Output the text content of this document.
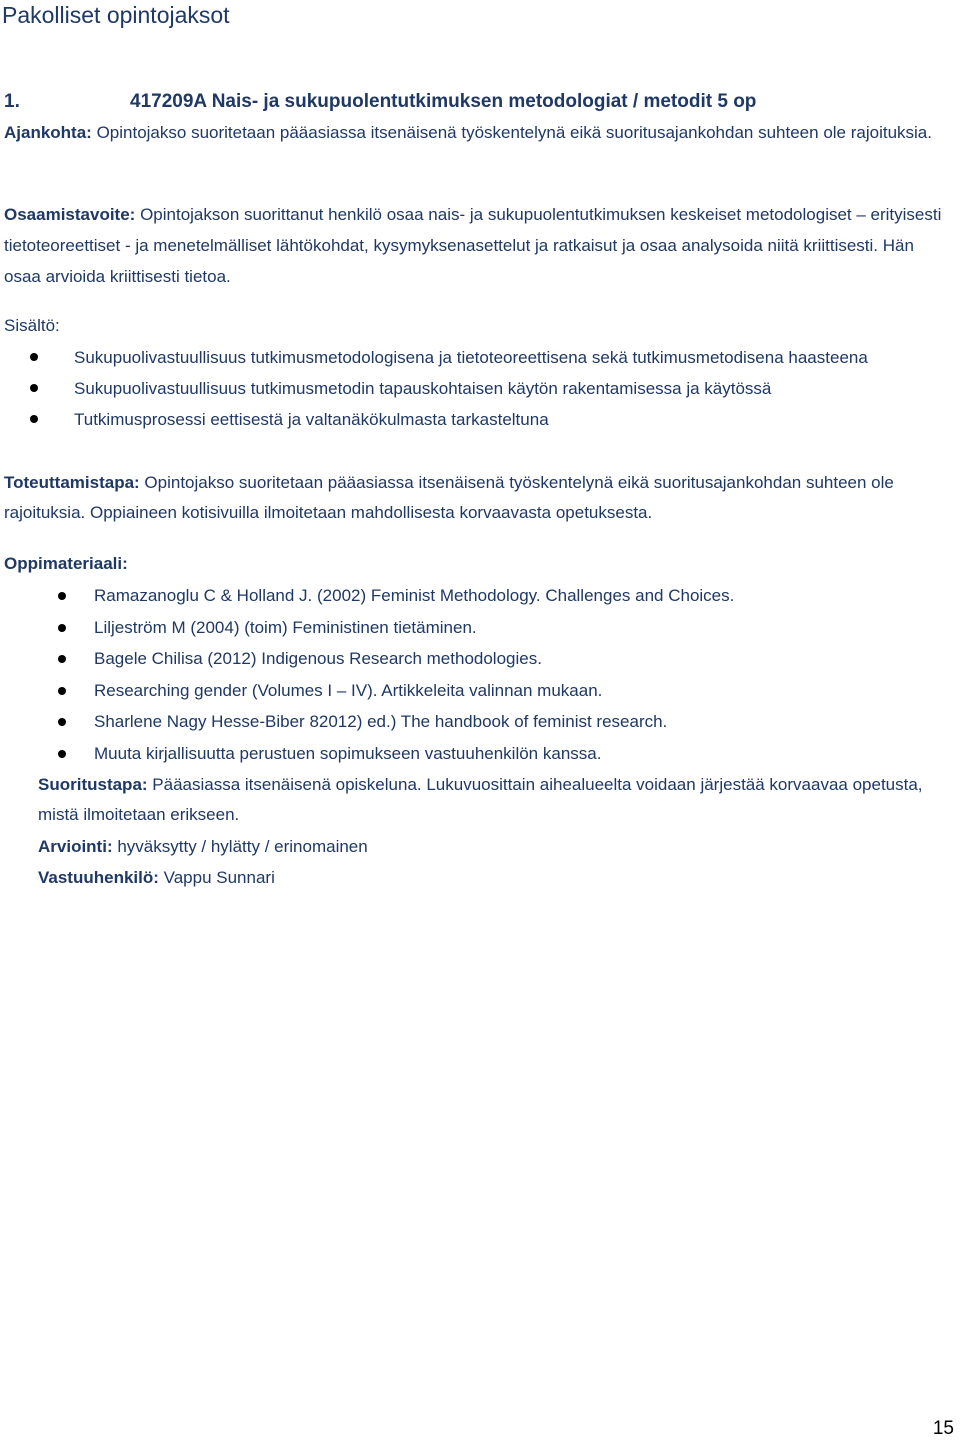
Pakolliset opintojaksot
1.	417209A Nais- ja sukupuolentutkimuksen metodologiat / metodit 5 op
Ajankohta: Opintojakso suoritetaan pääasiassa itsenäisenä työskentelynä eikä suoritusajankohdan suhteen ole rajoituksia.
Osaamistavoite: Opintojakson suorittanut henkilö osaa nais- ja sukupuolentutkimuksen keskeiset metodologiset – erityisesti tietoteoreettiset - ja menetelmälliset lähtökohdat, kysymyksenasettelut ja ratkaisut ja osaa analysoida niitä kriittisesti. Hän osaa arvioida kriittisesti tietoa.
Sisältö:
Sukupuolivastuullisuus tutkimusmetodologisena ja tietoteoreettisena sekä tutkimusmetodisena haasteena
Sukupuolivastuullisuus tutkimusmetodin tapauskohtaisen käytön rakentamisessa ja käytössä
Tutkimusprosessi eettisestä ja valtanäkökulmasta tarkasteltuna
Toteuttamistapa: Opintojakso suoritetaan pääasiassa itsenäisenä työskentelynä eikä suoritusajankohdan suhteen ole rajoituksia. Oppiaineen kotisivuilla ilmoitetaan mahdollisesta korvaavasta opetuksesta.
Oppimateriaali:
Ramazanoglu C & Holland J. (2002) Feminist Methodology. Challenges and Choices.
Liljeström M (2004) (toim) Feministinen tietäminen.
Bagele Chilisa (2012) Indigenous Research methodologies.
Researching gender (Volumes I – IV). Artikkeleita valinnan mukaan.
Sharlene Nagy Hesse-Biber 82012) ed.) The handbook of feminist research.
Muuta kirjallisuutta perustuen sopimukseen vastuuhenkilön kanssa.
Suoritustapa: Pääasiassa itsenäisenä opiskeluna. Lukuvuosittain aihealueelta voidaan järjestää korvaavaa opetusta, mistä ilmoitetaan erikseen.
Arviointi: hyväksytty / hylätty / erinomainen
Vastuuhenkilö: Vappu Sunnari
15
